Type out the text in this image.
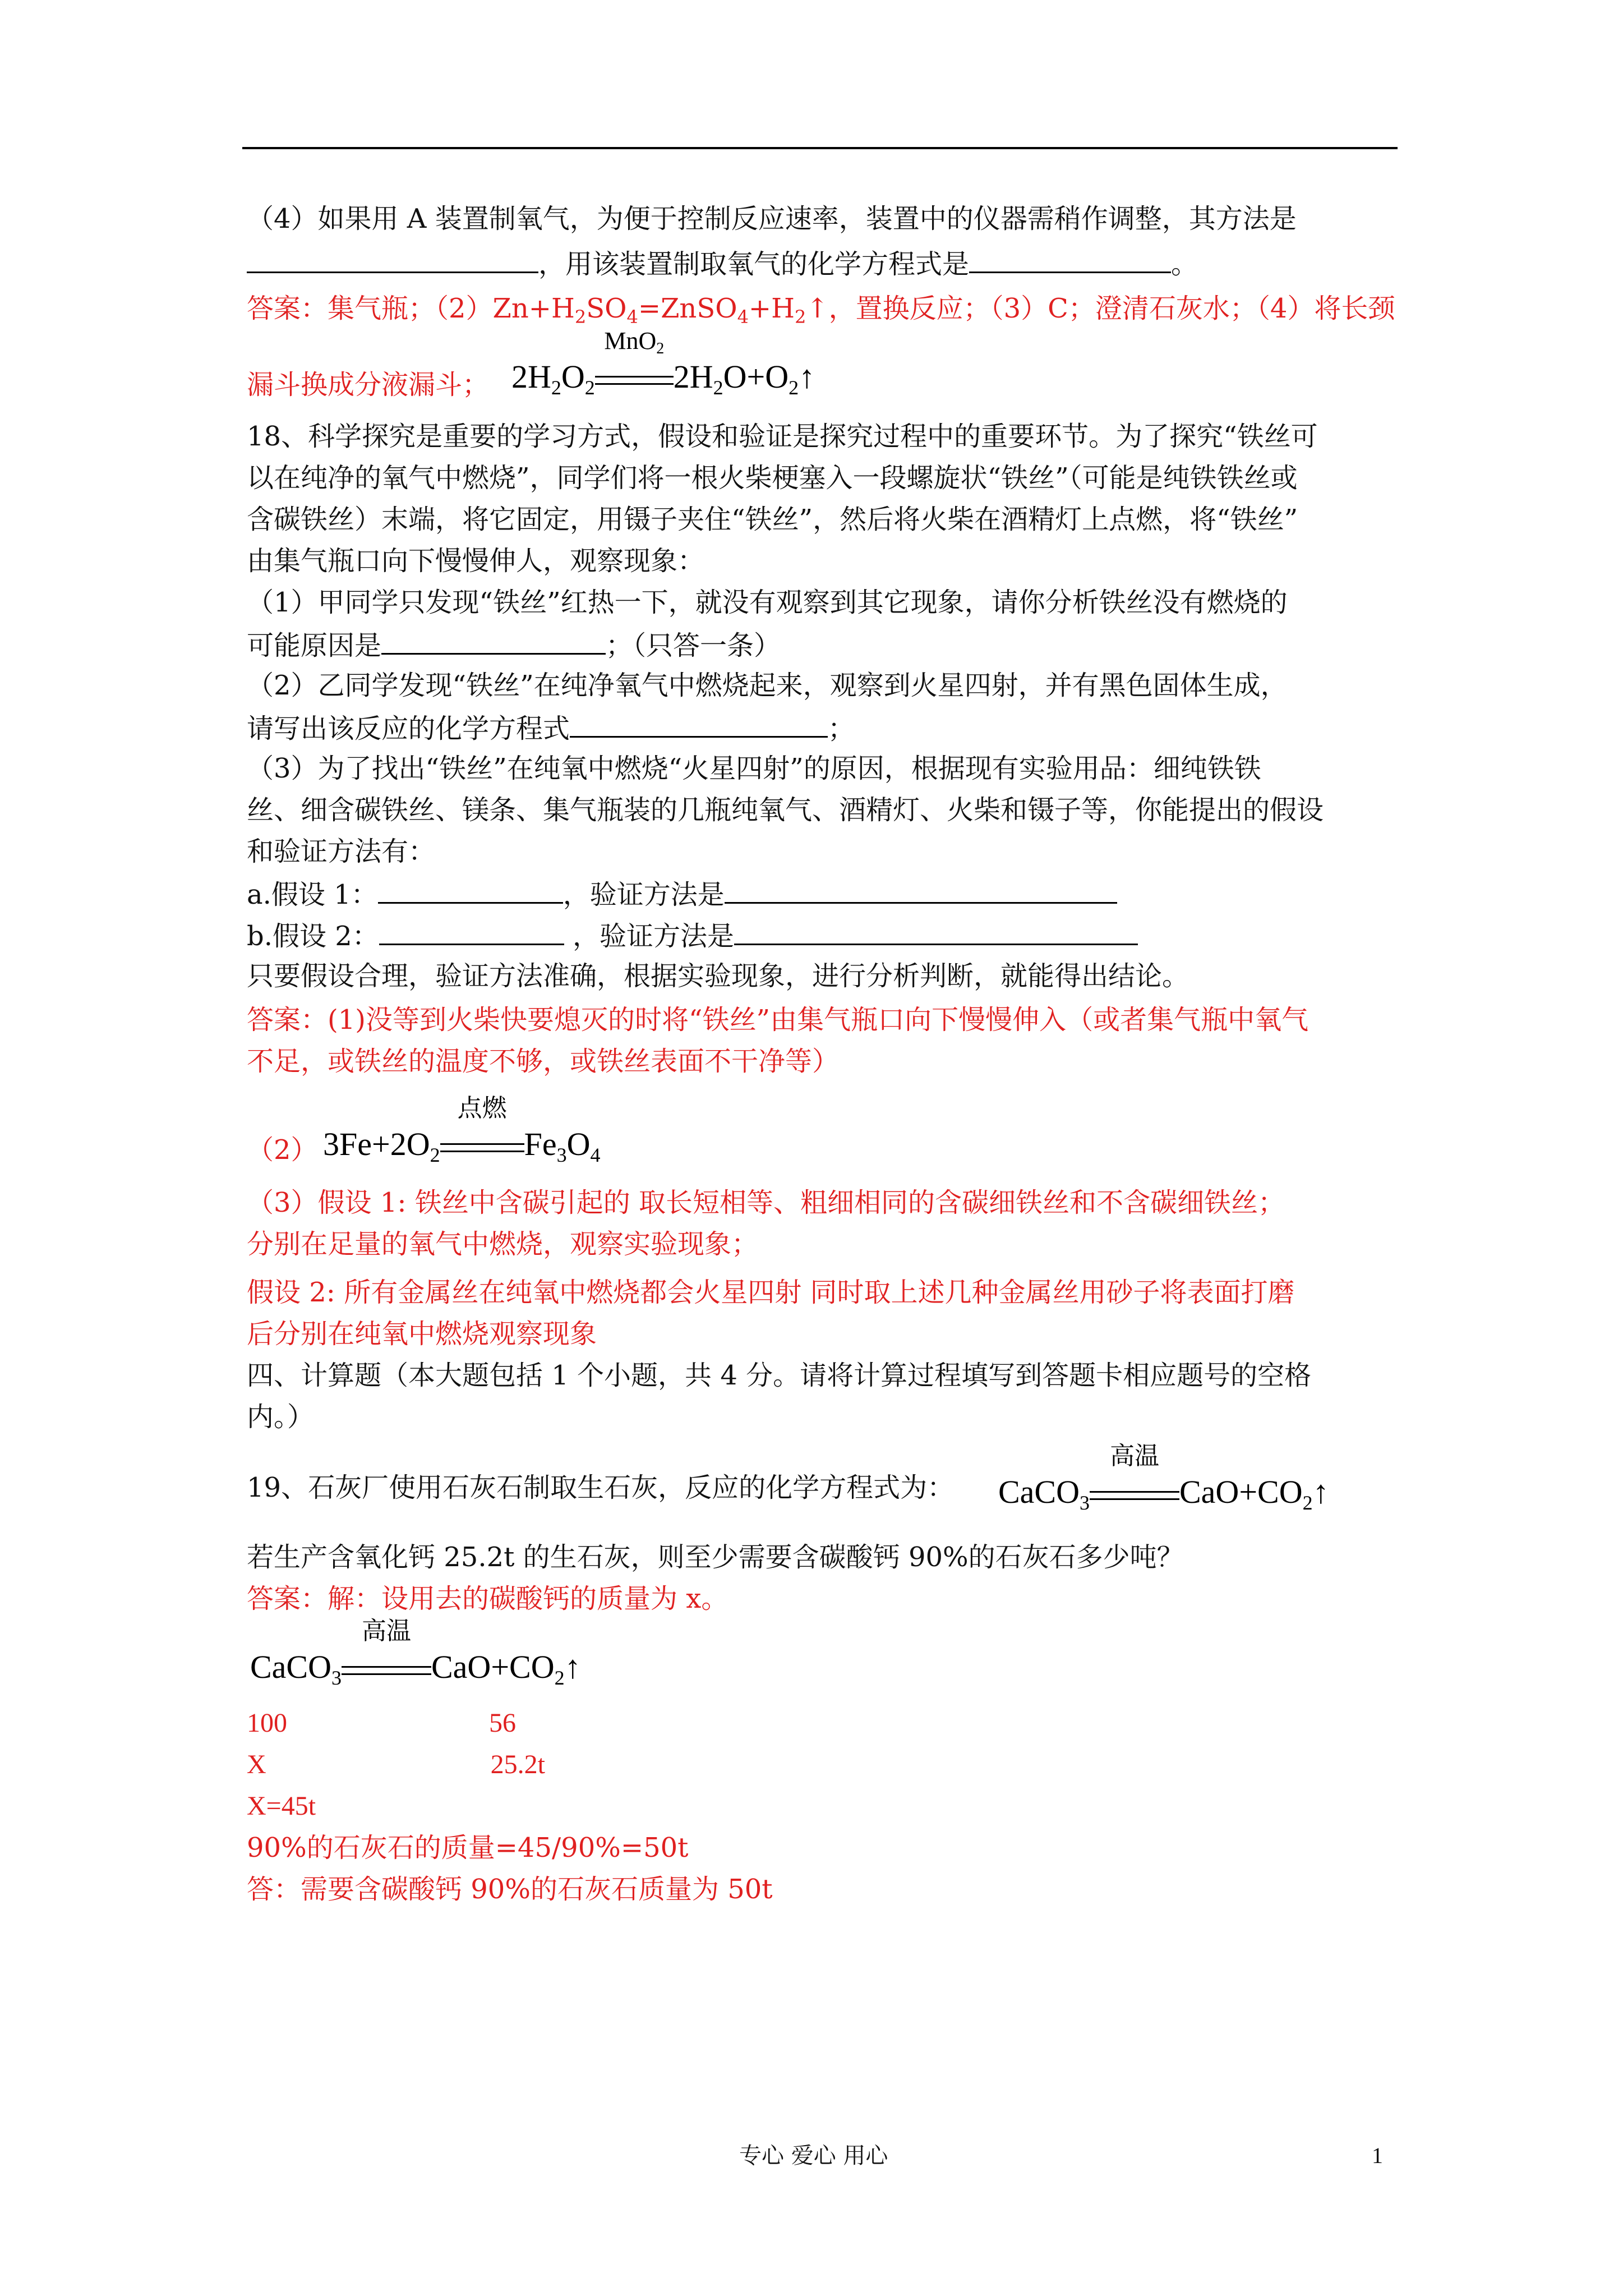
（4）如果用 A 装置制氧气，为便于控制反应速率，装置中的仪器需稍作调整，其方法是
，用该装置制取氧气的化学方程式是	。
答案：集气瓶；$(2)Zn+H_2SO_4=ZnSO_4+H_2↑$，置换反应；（3）C；澄清石灰水；（4）将长颈
漏斗换成分液漏斗； $2H_2O_2$
MnO$_2$
$2H_2O+O_2↑$
18、科学探究是重要的学习方式，假设和验证是探究过程中的重要环节。为了探究“铁丝可
以在纯净的氧气中燃烧”，同学们将一根火柴梗塞入一段螺旋状“铁丝”（可能是纯铁铁丝或
含碳铁丝）末端，将它固定，用镊子夹住“铁丝”，然后将火柴在酒精灯上点燃，将“铁丝”
由集气瓶口向下慢慢伸人，观察现象：
（1）甲同学只发现“铁丝”红热一下，就没有观察到其它现象，请你分析铁丝没有燃烧的
可能原因是	；（只答一条）
（2）乙同学发现“铁丝”在纯净氧气中燃烧起来，观察到火星四射，并有黑色固体生成，
请写出该反应的化学方程式	；
（3）为了找出“铁丝”在纯氧中燃烧“火星四射”的原因，根据现有实验用品：细纯铁铁
丝、细含碳铁丝、镁条、集气瓶装的几瓶纯氧气、酒精灯、火柴和镊子等，你能提出的假设
和验证方法有：
a.假设 1：	，验证方法是
b.假设 2：	，验证方法是
只要假设合理，验证方法准确，根据实验现象，进行分析判断，就能得出结论。
答案：(1)没等到火柴快要熄灭的时将“铁丝”由集气瓶口向下慢慢伸入（或者集气瓶中氧气
不足，或铁丝的温度不够，或铁丝表面不干净等）
（2） $3Fe+2O_2$
点燃
$Fe_3O_4$
（3）假设 1: 铁丝中含碳引起的 取长短相等、粗细相同的含碳细铁丝和不含碳细铁丝；
分别在足量的氧气中燃烧，观察实验现象；
假设 2: 所有金属丝在纯氧中燃烧都会火星四射 同时取上述几种金属丝用砂子将表面打磨
后分别在纯氧中燃烧观察现象
四、计算题（本大题包括 1 个小题，共 4 分。请将计算过程填写到答题卡相应题号的空格
内。）
19、石灰厂使用石灰石制取生石灰，反应的化学方程式为： CaCO$_3$
高温
$CaO+CO_2↑$
若生产含氧化钙 25.2t 的生石灰，则至少需要含碳酸钙 90%的石灰石多少吨？
答案：解：设用去的碳酸钙的质量为 x。
CaCO$_3$
高温
$CaO+CO_2↑$
100	56
X	25.2t
X=45t
90%的石灰石的质量=45/90%=50t
答：需要含碳酸钙 90%的石灰石质量为 50t
专心 爱心 用心	1
